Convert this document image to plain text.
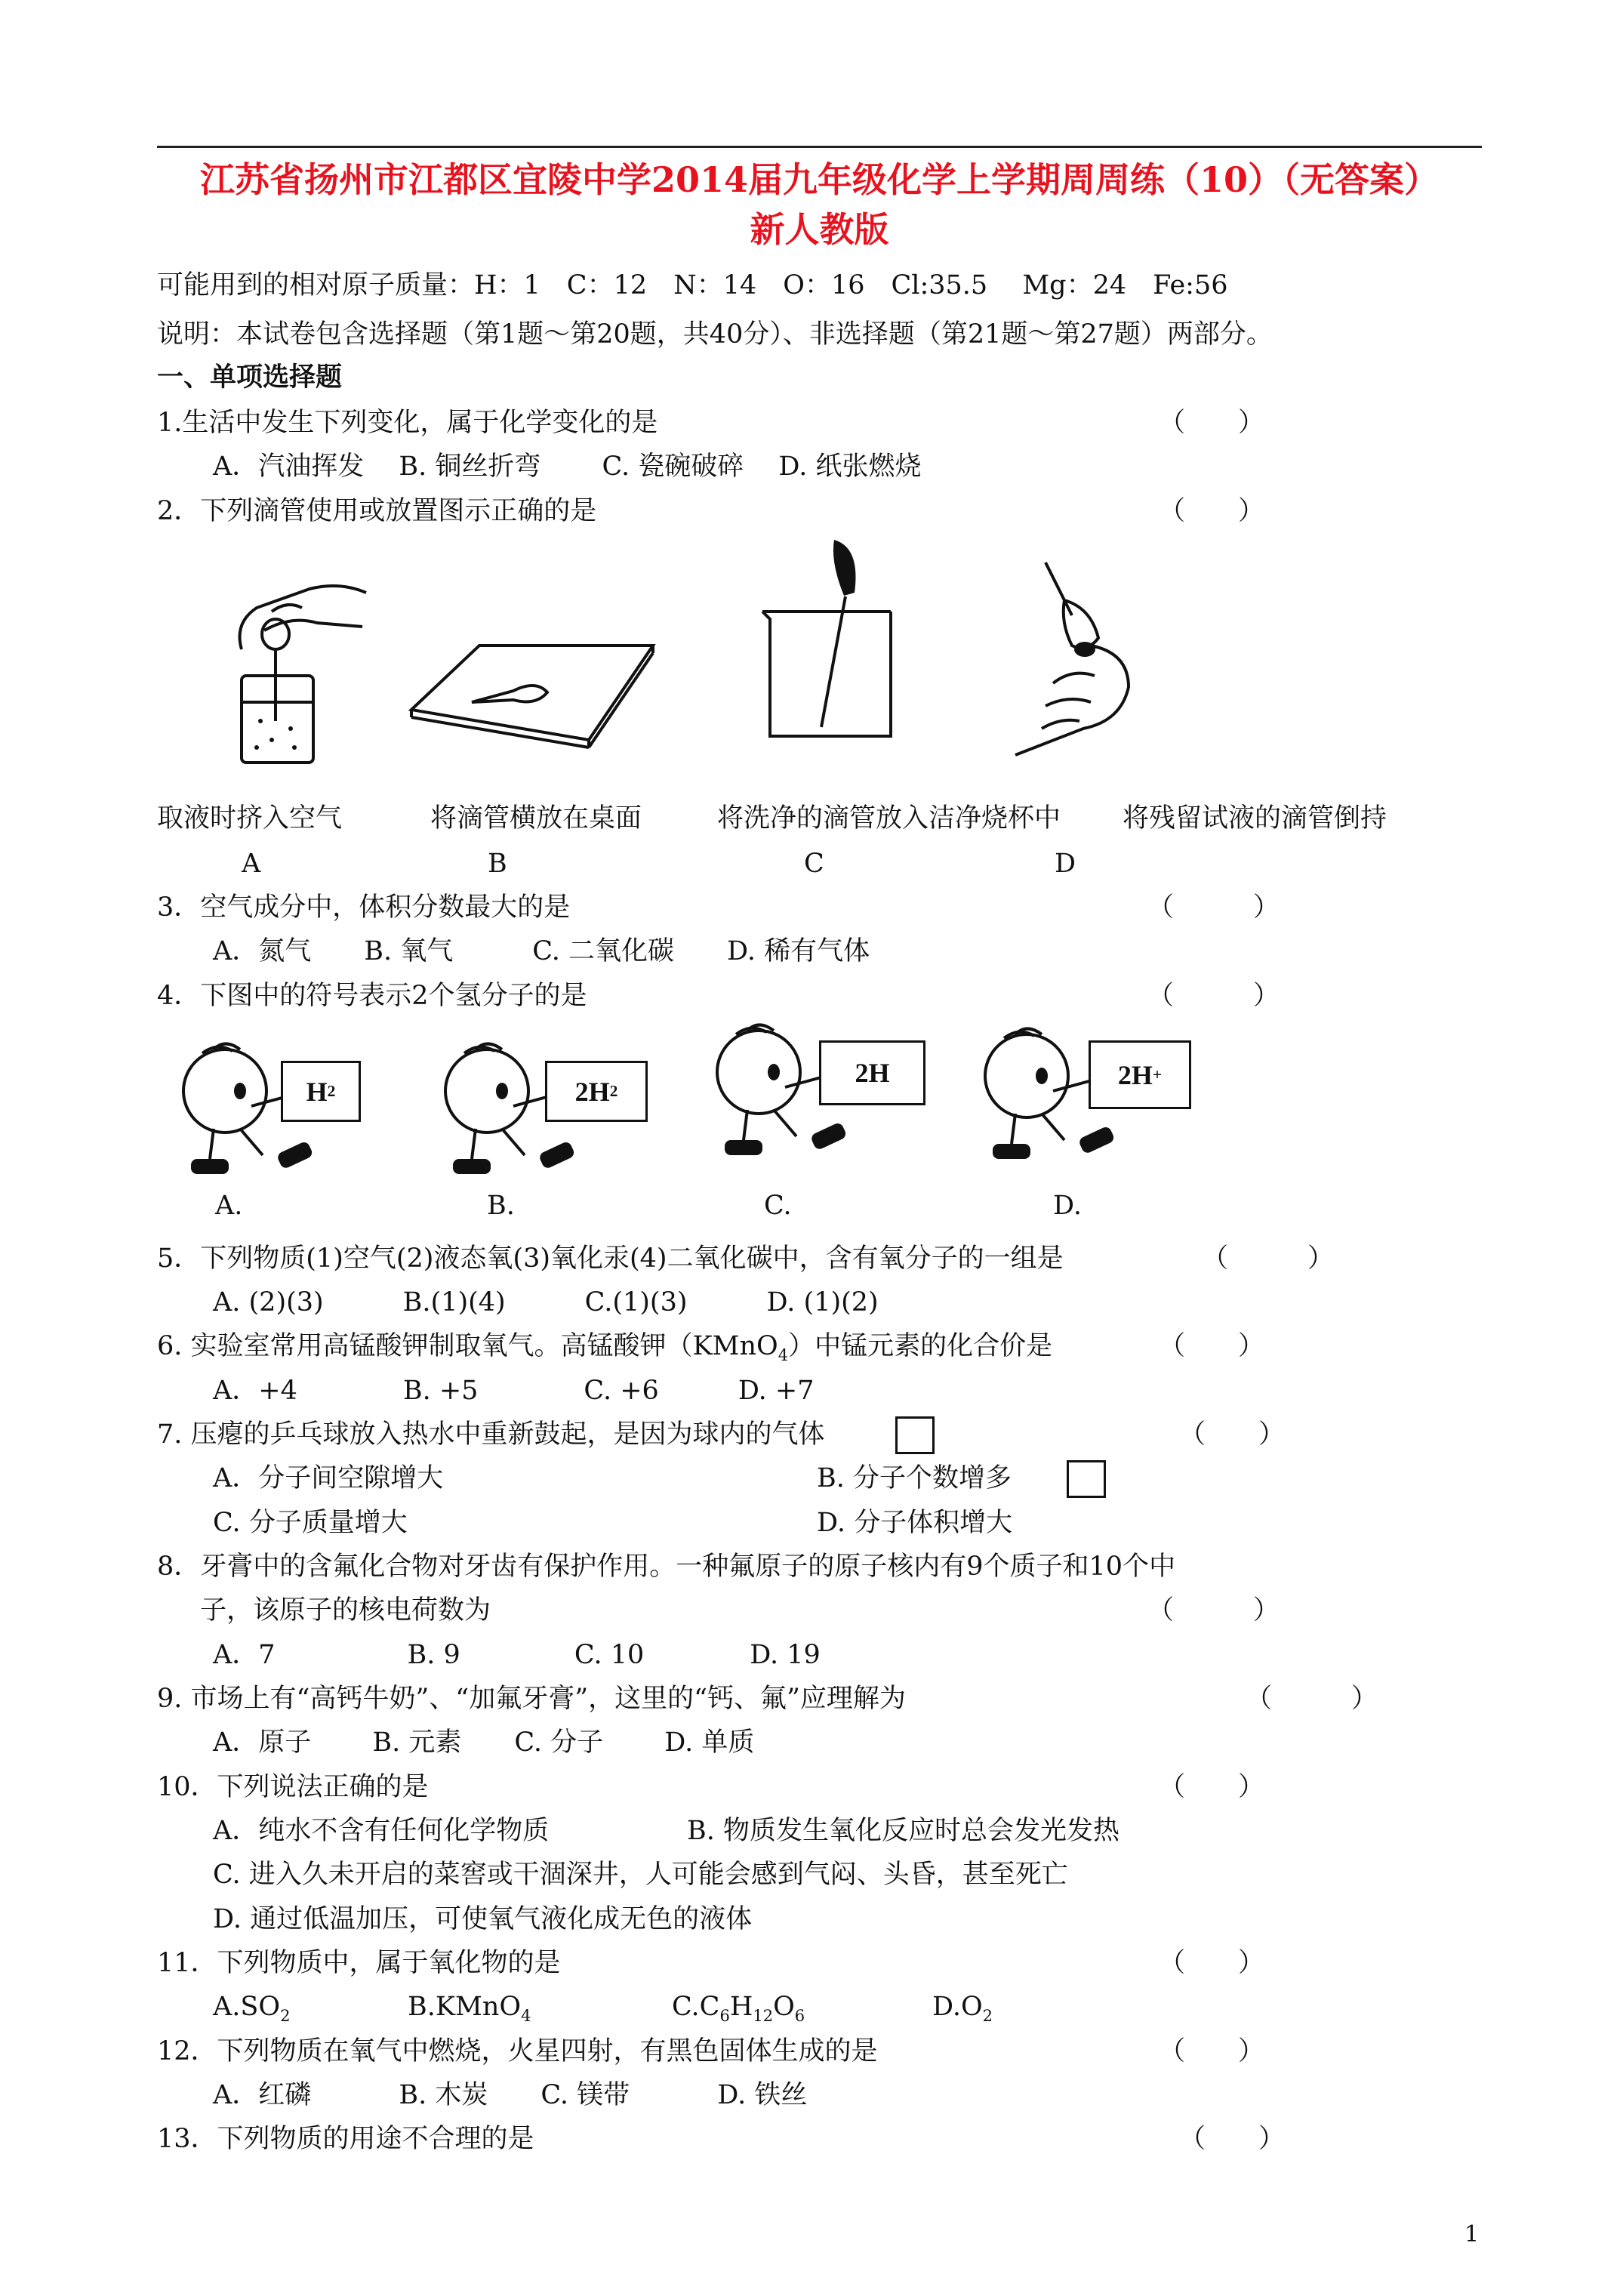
江苏省扬州市江都区宜陵中学2014届九年级化学上学期周周练（10）（无答案）
新人教版
可能用到的相对原子质量：H：1　C：12　N：14　O：16　Cl:35.5　 Mg：24　Fe:56
说明：本试卷包含选择题（第1题～第20题，共40分）、非选择题（第21题～第27题）两部分。
一、单项选择题
1.生活中发生下列变化，属于化学变化的是	（　　）
A．汽油挥发　 B. 铜丝折弯　　 C. 瓷碗破碎　 D. 纸张燃烧
2．下列滴管使用或放置图示正确的是	（　　）
取液时挤入空气	将滴管横放在桌面	将洗净的滴管放入洁净烧杯中 将残留试液的滴管倒持
A	B	C	D
3．空气成分中，体积分数最大的是	（　　　）
A．氮气　　B. 氧气　　　C. 二氧化碳　　D. 稀有气体
4．下图中的符号表示2个氢分子的是	（　　　）
H 2	2H 2
2H	2H +
A.	B.	C.	D.
5．下列物质(1)空气(2)液态氧(3)氧化汞(4)二氧化碳中，含有氧分子的一组是	（　　　）
A. (2)(3)　　　B.(1)(4)　　　C.(1)(3)　　　D. (1)(2)
6. 实验室常用高锰酸钾制取氧气。高锰酸钾（KMnO$_4$）中锰元素的化合价是	（　　）
A．+4　　　　B. +5　　　　C. +6　　　D. +7
7. 压瘪的乒乓球放入热水中重新鼓起，是因为球内的气体	（　　）
A．分子间空隙增大	B. 分子个数增多
C. 分子质量增大	D. 分子体积增大
8．牙膏中的含氟化合物对牙齿有保护作用。一种氟原子的原子核内有9个质子和10个中
子，该原子的核电荷数为	（　　　）
A．7　　　　　B. 9　　　　 C. 10　　　　D. 19
9. 市场上有“高钙牛奶”、“加氟牙膏”，这里的“钙、氟”应理解为	（　　　）
A．原子　　 B. 元素　　C. 分子　　 D. 单质
10．下列说法正确的是	（　　）
A．纯水不含有任何化学物质	B. 物质发生氧化反应时总会发光发热
C. 进入久未开启的菜窖或干涸深井，人可能会感到气闷、头昏，甚至死亡
D. 通过低温加压，可使氧气液化成无色的液体
11．下列物质中，属于氧化物的是	（　　）
$A.SO_2$	B.KMnO$_4$	$C.C_6H_{12}O_6$	$D.O_2$
12．下列物质在氧气中燃烧，火星四射，有黑色固体生成的是	（　　）
A．红磷　　　 B. 木炭　　C. 镁带　　　 D. 铁丝
13．下列物质的用途不合理的是	（　　）
1
